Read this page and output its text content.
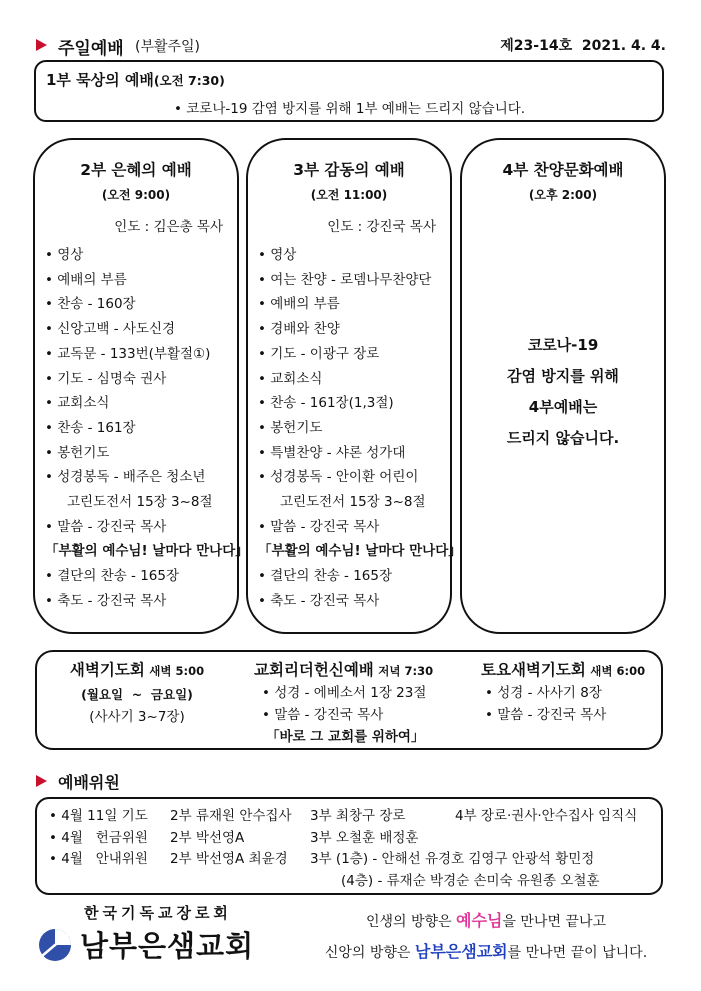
주일예배 (부활주일)	제23-14호  2021. 4. 4.
1부 묵상의 예배(오전 7:30)
• 코로나-19 감염 방지를 위해 1부 예배는 드리지 않습니다.
2부 은혜의 예배
(오전 9:00)
인도 : 김은총 목사
• 영상
• 예배의 부름
• 찬송 - 160장
• 신앙고백 - 사도신경
• 교독문 - 133번(부활절①)
• 기도 - 심명숙 권사
• 교회소식
• 찬송 - 161장
• 봉헌기도
• 성경봉독 - 배주은 청소년
고린도전서 15장 3~8절
• 말씀 - 강진국 목사
「부활의 예수님! 날마다 만나다」
• 결단의 찬송 - 165장
• 축도 - 강진국 목사
3부 감동의 예배
(오전 11:00)
인도 : 강진국 목사
• 영상
• 여는 찬양 - 로뎀나무찬양단
• 예배의 부름
• 경배와 찬양
• 기도 - 이광구 장로
• 교회소식
• 찬송 - 161장(1,3절)
• 봉헌기도
• 특별찬양 - 샤론 성가대
• 성경봉독 - 안이환 어린이
고린도전서 15장 3~8절
• 말씀 - 강진국 목사
「부활의 예수님! 날마다 만나다」
• 결단의 찬송 - 165장
• 축도 - 강진국 목사
4부 찬양문화예배
(오후 2:00)
코로나-19
감염 방지를 위해
4부예배는
드리지 않습니다.
새벽기도회 새벽 5:00
(월요일  ~  금요일)
(사사기 3~7장)
교회리더헌신예배 저녁 7:30
• 성경 - 에베소서 1장 23절
• 말씀 - 강진국 목사
「바로 그 교회를 위하여」
토요새벽기도회 새벽 6:00
• 성경 - 사사기 8장
• 말씀 - 강진국 목사
예배위원
• 4월 11일 기도 2부 류재원 안수집사 3부 최창구 장로	4부 장로·권사·안수집사 임직식
• 4월   헌금위원 2부 박선영A	3부 오철훈 배정훈
• 4월   안내위원 2부 박선영A 최윤경 3부 (1층) - 안해선 유경호 김영구 안광석 황민정
(4층) - 류재순 박경순 손미숙 유원종 오철훈
한국기독교장로회
남부은샘교회
인생의 방향은 예수님을 만나면 끝나고
신앙의 방향은 남부은샘교회를 만나면 끝이 납니다.
